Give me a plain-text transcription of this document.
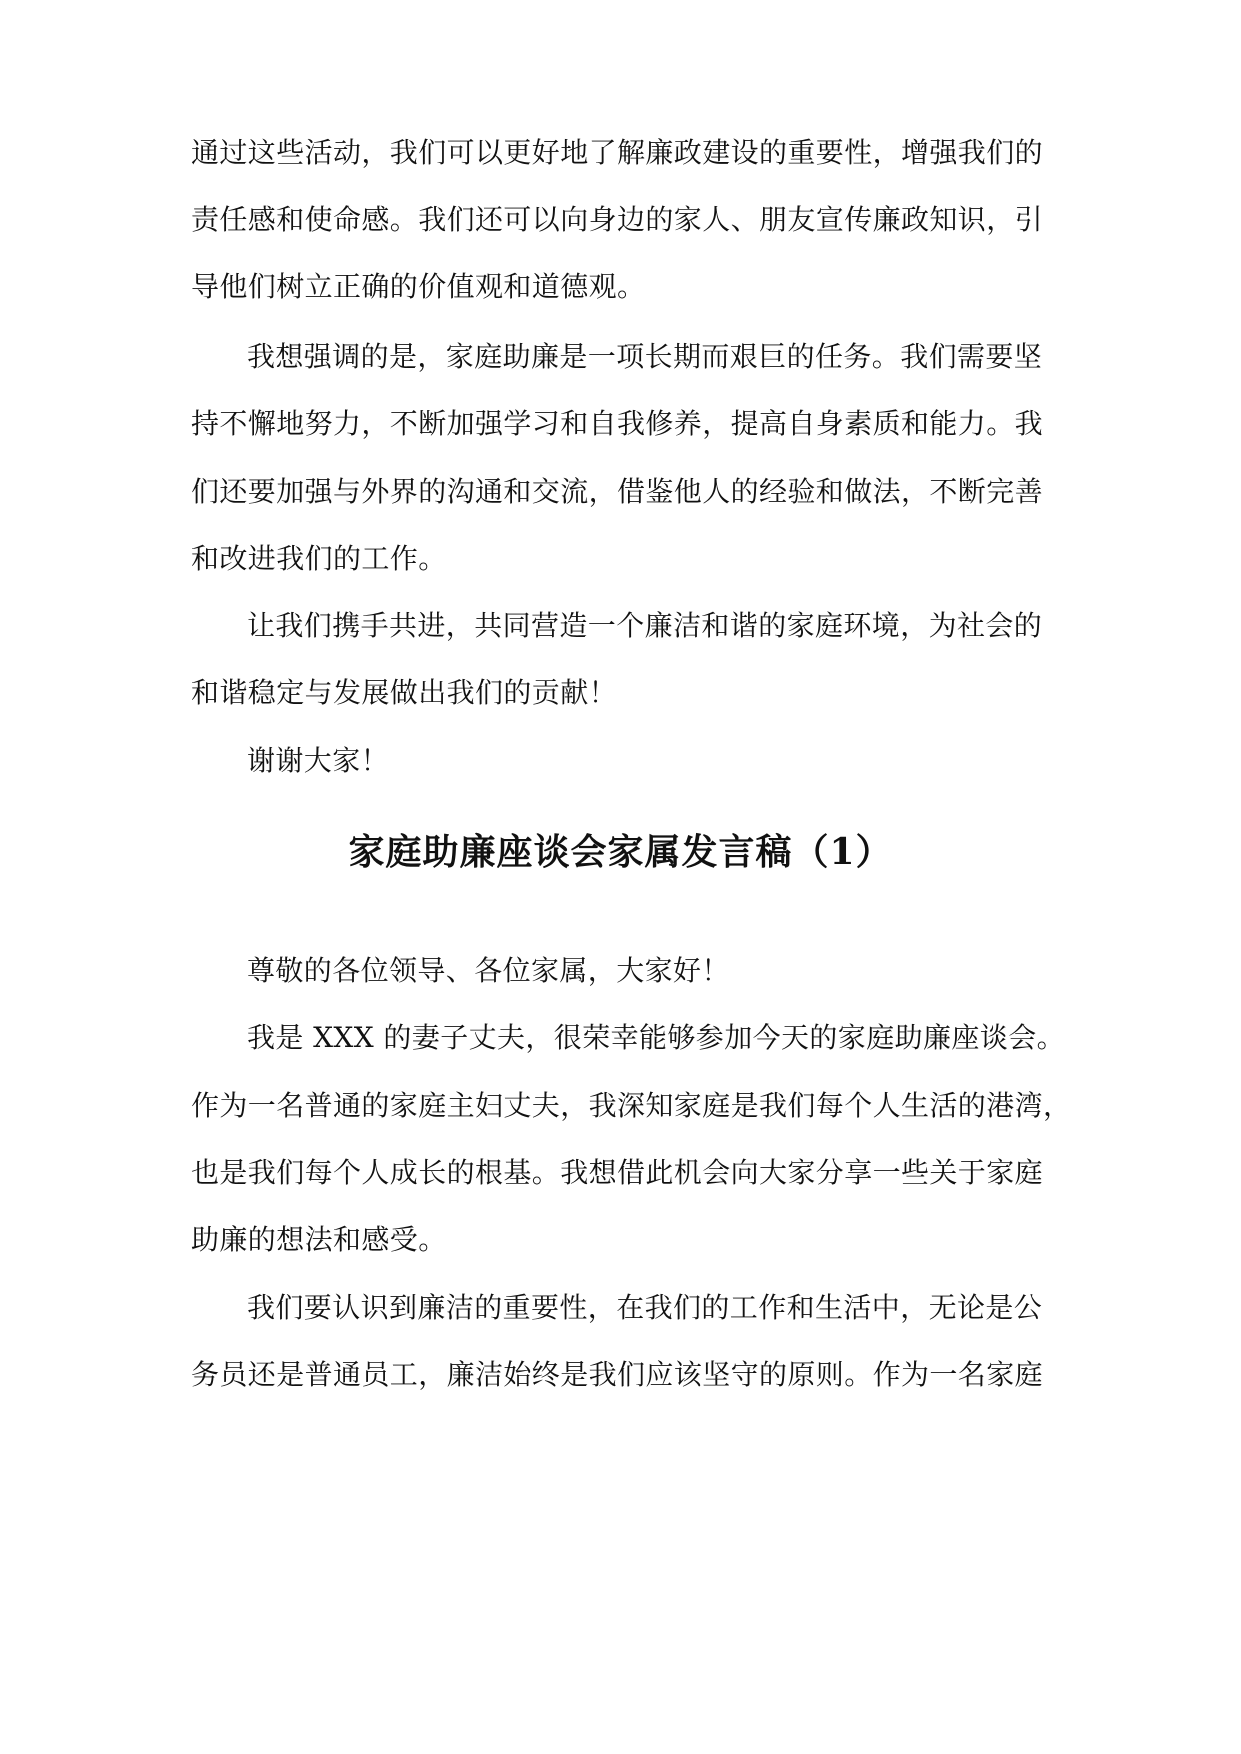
通过这些活动，我们可以更好地了解廉政建设的重要性，增强我们的
责任感和使命感。我们还可以向身边的家人、朋友宣传廉政知识，引
导他们树立正确的价值观和道德观。
我想强调的是，家庭助廉是一项长期而艰巨的任务。我们需要坚
持不懈地努力，不断加强学习和自我修养，提高自身素质和能力。我
们还要加强与外界的沟通和交流，借鉴他人的经验和做法，不断完善
和改进我们的工作。
让我们携手共进，共同营造一个廉洁和谐的家庭环境，为社会的
和谐稳定与发展做出我们的贡献！
谢谢大家！
家庭助廉座谈会家属发言稿（1）
尊敬的各位领导、各位家属，大家好！
我是 XXX 的妻子丈夫，很荣幸能够参加今天的家庭助廉座谈会。
作为一名普通的家庭主妇丈夫，我深知家庭是我们每个人生活的港湾，
也是我们每个人成长的根基。我想借此机会向大家分享一些关于家庭
助廉的想法和感受。
我们要认识到廉洁的重要性，在我们的工作和生活中，无论是公
务员还是普通员工，廉洁始终是我们应该坚守的原则。作为一名家庭
